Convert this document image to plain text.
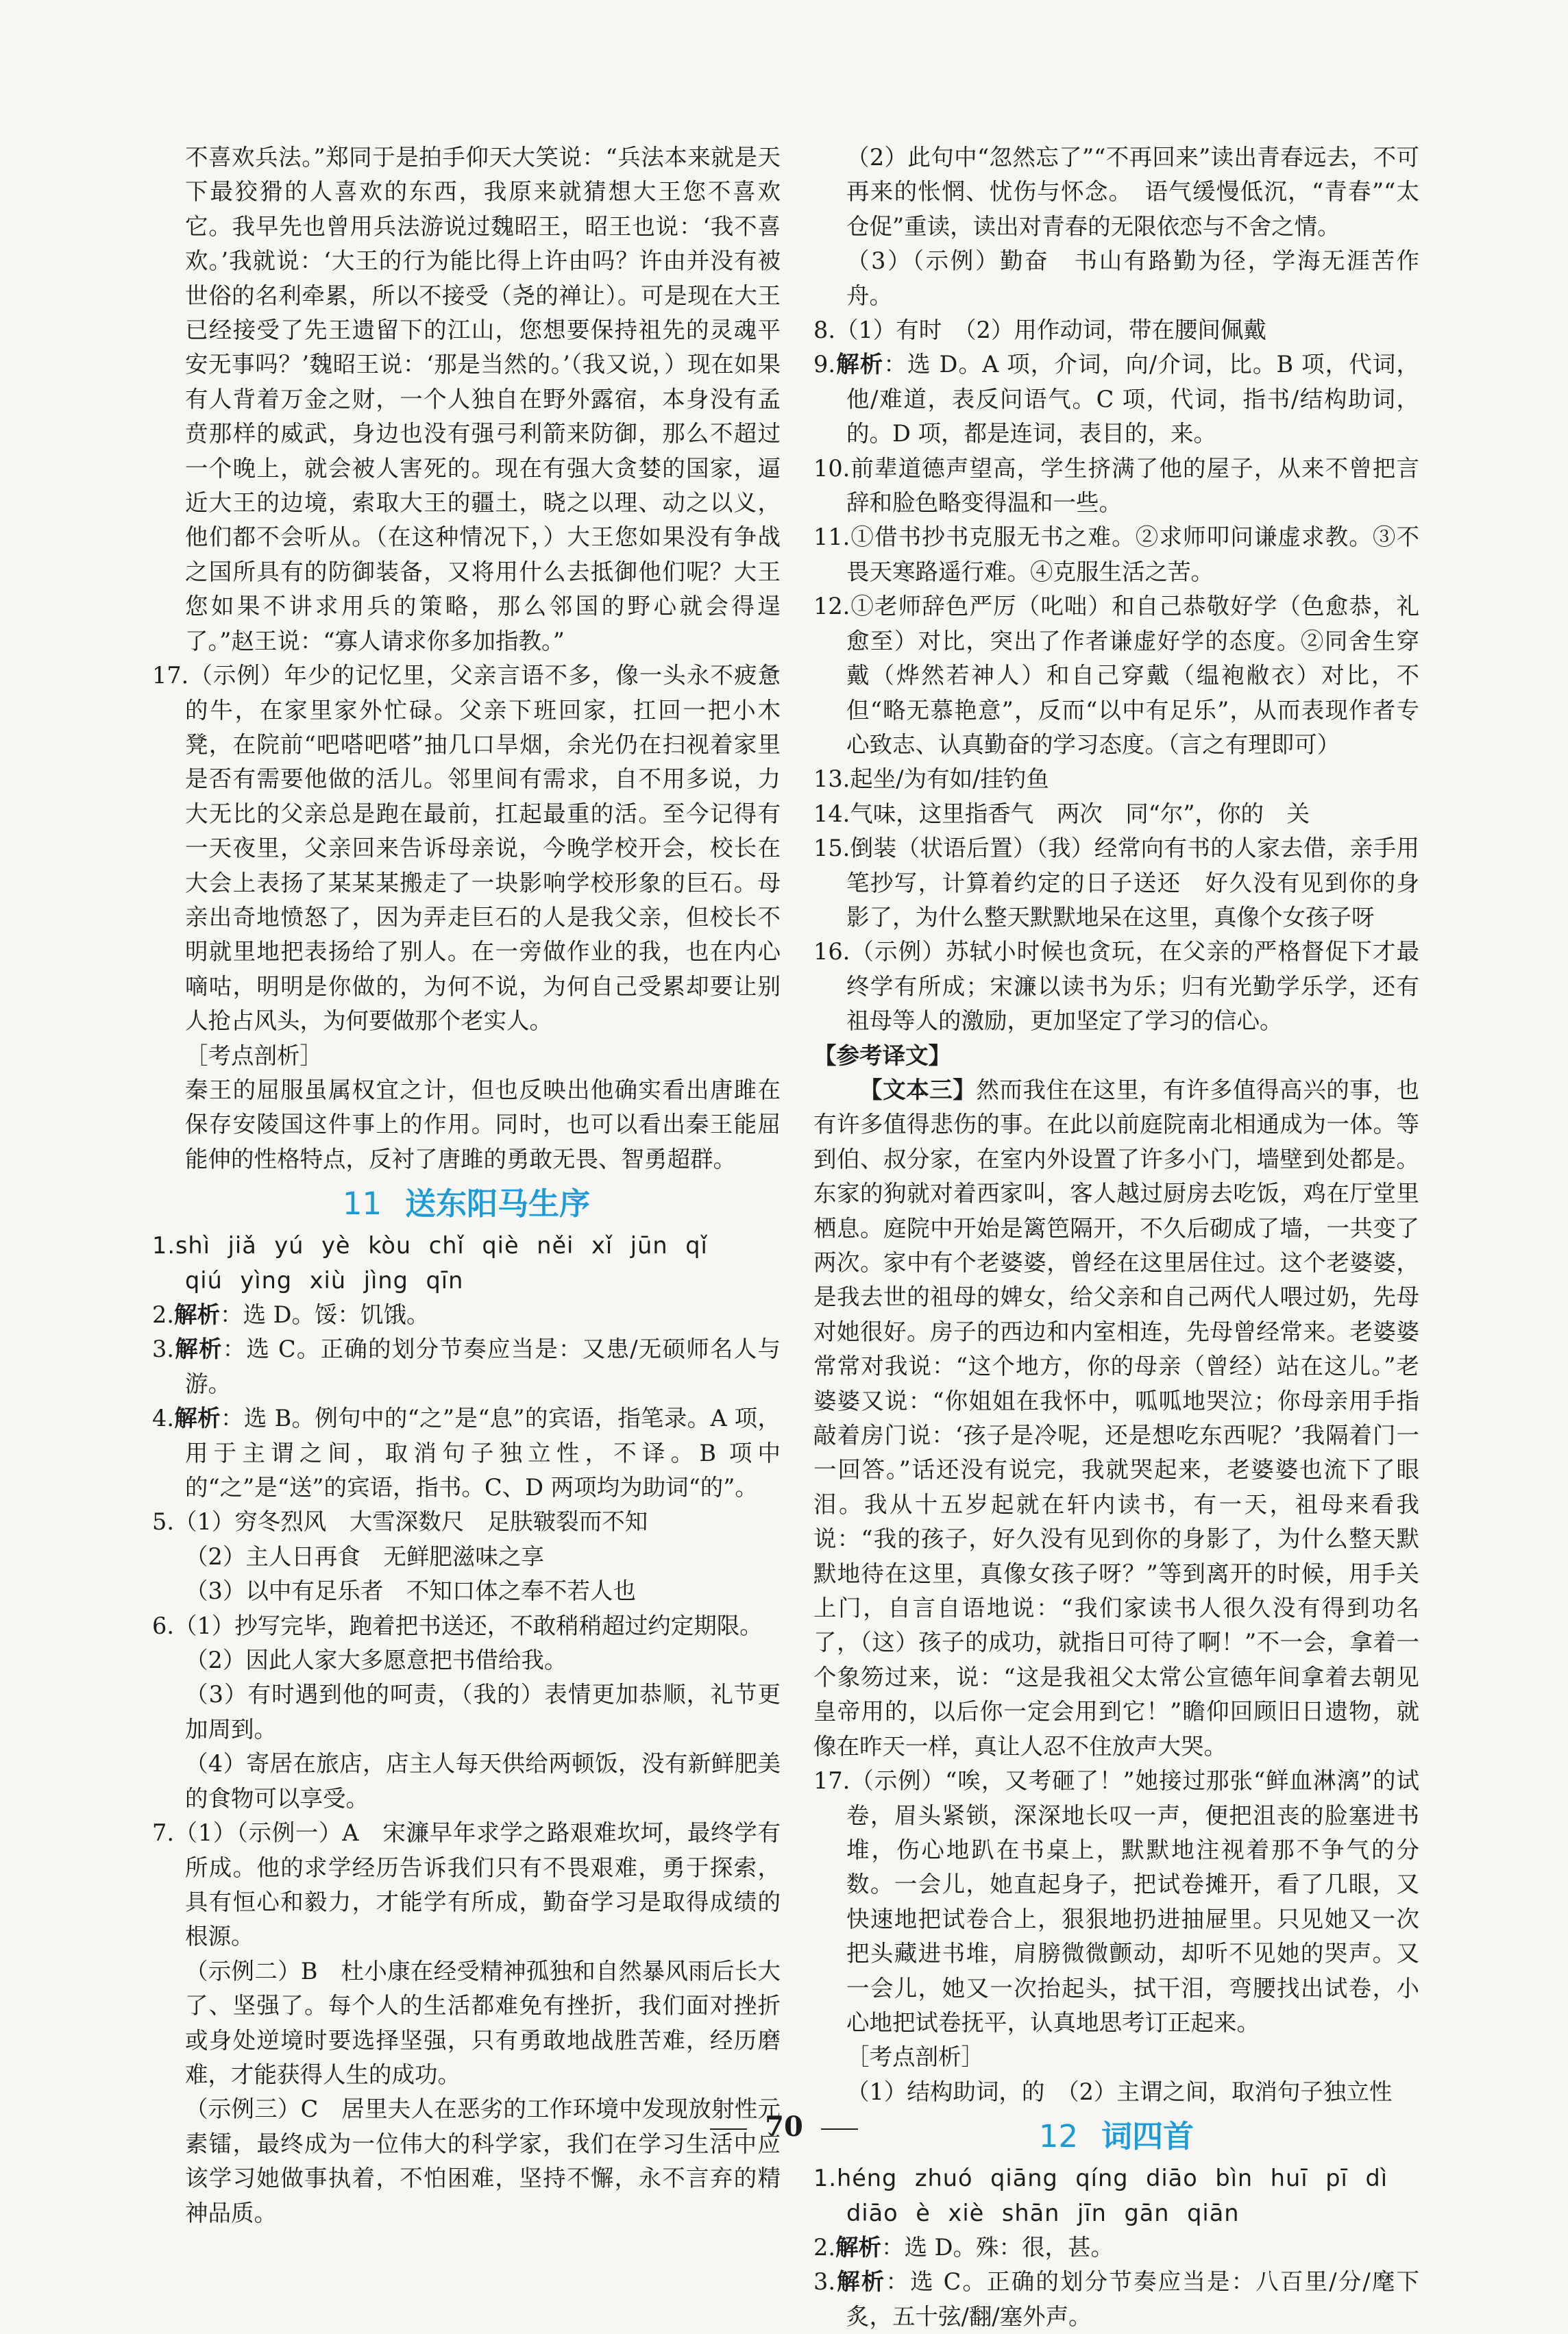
不喜欢兵法。”郑同于是拍手仰天大笑说：“兵法本来就是天下最狡猾的人喜欢的东西，我原来就猜想大王您不喜欢它。我早先也曾用兵法游说过魏昭王，昭王也说：‘我不喜欢。’我就说：‘大王的行为能比得上许由吗？许由并没有被世俗的名利牵累，所以不接受（尧的禅让）。可是现在大王已经接受了先王遗留下的江山，您想要保持祖先的灵魂平安无事吗？’魏昭王说：‘那是当然的。’（我又说，）现在如果有人背着万金之财，一个人独自在野外露宿，本身没有孟贲那样的威武，身边也没有强弓利箭来防御，那么不超过一个晚上，就会被人害死的。现在有强大贪婪的国家，逼近大王的边境，索取大王的疆土，晓之以理、动之以义，他们都不会听从。（在这种情况下，）大王您如果没有争战之国所具有的防御装备，又将用什么去抵御他们呢？大王您如果不讲求用兵的策略，那么邻国的野心就会得逞了。”赵王说：“寡人请求你多加指教。”

17.（示例）年少的记忆里，父亲言语不多，像一头永不疲惫的牛，在家里家外忙碌。父亲下班回家，扛回一把小木凳，在院前“吧嗒吧嗒”抽几口旱烟，余光仍在扫视着家里是否有需要他做的活儿。邻里间有需求，自不用多说，力大无比的父亲总是跑在最前，扛起最重的活。至今记得有一天夜里，父亲回来告诉母亲说，今晚学校开会，校长在大会上表扬了某某某搬走了一块影响学校形象的巨石。母亲出奇地愤怒了，因为弄走巨石的人是我父亲，但校长不明就里地把表扬给了别人。在一旁做作业的我，也在内心嘀咕，明明是你做的，为何不说，为何自己受累却要让别人抢占风头，为何要做那个老实人。

［考点剖析］

秦王的屈服虽属权宜之计，但也反映出他确实看出唐雎在保存安陵国这件事上的作用。同时，也可以看出秦王能屈能伸的性格特点，反衬了唐雎的勇敢无畏、智勇超群。

11 送东阳马生序

1.shì jiǎ yú yè kòu chǐ qiè něi xǐ jūn qǐ

qiú yìng xiù jìng qīn

2.解析：选 D。馁：饥饿。

3.解析：选 C。正确的划分节奏应当是：又患/无硕师名人与游。

4.解析：选 B。例句中的“之”是“息”的宾语，指笔录。A 项，用于主谓之间，取消句子独立性，不译。B 项中的“之”是“送”的宾语，指书。C、D 两项均为助词“的”。

5.（1）穷冬烈风　大雪深数尺　足肤皲裂而不知

（2）主人日再食　无鲜肥滋味之享

（3）以中有足乐者　不知口体之奉不若人也

6.（1）抄写完毕，跑着把书送还，不敢稍稍超过约定期限。

（2）因此人家大多愿意把书借给我。

（3）有时遇到他的呵责，（我的）表情更加恭顺，礼节更加周到。

（4）寄居在旅店，店主人每天供给两顿饭，没有新鲜肥美的食物可以享受。

7.（1）（示例一）A　宋濂早年求学之路艰难坎坷，最终学有所成。他的求学经历告诉我们只有不畏艰难，勇于探索，具有恒心和毅力，才能学有所成，勤奋学习是取得成绩的根源。

（示例二）B　杜小康在经受精神孤独和自然暴风雨后长大了、坚强了。每个人的生活都难免有挫折，我们面对挫折或身处逆境时要选择坚强，只有勇敢地战胜苦难，经历磨难，才能获得人生的成功。

（示例三）C　居里夫人在恶劣的工作环境中发现放射性元素镭，最终成为一位伟大的科学家，我们在学习生活中应该学习她做事执着，不怕困难，坚持不懈，永不言弃的精神品质。

（2）此句中“忽然忘了”“不再回来”读出青春远去，不可再来的怅惘、忧伤与怀念。　语气缓慢低沉，“青春”“太仓促”重读，读出对青春的无限依恋与不舍之情。

（3）（示例）勤奋　书山有路勤为径，学海无涯苦作舟。

8.（1）有时　（2）用作动词，带在腰间佩戴

9.解析：选 D。A 项，介词，向/介词，比。B 项，代词，他/难道，表反问语气。C 项，代词，指书/结构助词，的。D 项，都是连词，表目的，来。

10.前辈道德声望高，学生挤满了他的屋子，从来不曾把言辞和脸色略变得温和一些。

11.①借书抄书克服无书之难。②求师叩问谦虚求教。③不畏天寒路遥行难。④克服生活之苦。

12.①老师辞色严厉（叱咄）和自己恭敬好学（色愈恭，礼愈至）对比，突出了作者谦虚好学的态度。②同舍生穿戴（烨然若神人）和自己穿戴（缊袍敝衣）对比，不但“略无慕艳意”，反而“以中有足乐”，从而表现作者专心致志、认真勤奋的学习态度。（言之有理即可）

13.起坐/为有如/挂钓鱼

14.气味，这里指香气　两次　同“尔”，你的　关

15.倒装（状语后置）（我）经常向有书的人家去借，亲手用笔抄写，计算着约定的日子送还　好久没有见到你的身影了，为什么整天默默地呆在这里，真像个女孩子呀

16.（示例）苏轼小时候也贪玩，在父亲的严格督促下才最终学有所成；宋濂以读书为乐；归有光勤学乐学，还有祖母等人的激励，更加坚定了学习的信心。

【参考译文】

【文本三】然而我住在这里，有许多值得高兴的事，也有许多值得悲伤的事。在此以前庭院南北相通成为一体。等到伯、叔分家，在室内外设置了许多小门，墙壁到处都是。东家的狗就对着西家叫，客人越过厨房去吃饭，鸡在厅堂里栖息。庭院中开始是篱笆隔开，不久后砌成了墙，一共变了两次。家中有个老婆婆，曾经在这里居住过。这个老婆婆，是我去世的祖母的婢女，给父亲和自己两代人喂过奶，先母对她很好。房子的西边和内室相连，先母曾经常来。老婆婆常常对我说：“这个地方，你的母亲（曾经）站在这儿。”老婆婆又说：“你姐姐在我怀中，呱呱地哭泣；你母亲用手指敲着房门说：‘孩子是冷呢，还是想吃东西呢？’我隔着门一一回答。”话还没有说完，我就哭起来，老婆婆也流下了眼泪。我从十五岁起就在轩内读书，有一天，祖母来看我说：“我的孩子，好久没有见到你的身影了，为什么整天默默地待在这里，真像女孩子呀？”等到离开的时候，用手关上门，自言自语地说：“我们家读书人很久没有得到功名了，（这）孩子的成功，就指日可待了啊！”不一会，拿着一个象笏过来，说：“这是我祖父太常公宣德年间拿着去朝见皇帝用的，以后你一定会用到它！”瞻仰回顾旧日遗物，就像在昨天一样，真让人忍不住放声大哭。

17.（示例）“唉，又考砸了！”她接过那张“鲜血淋漓”的试卷，眉头紧锁，深深地长叹一声，便把沮丧的脸塞进书堆，伤心地趴在书桌上，默默地注视着那不争气的分数。一会儿，她直起身子，把试卷摊开，看了几眼，又快速地把试卷合上，狠狠地扔进抽屉里。只见她又一次把头藏进书堆，肩膀微微颤动，却听不见她的哭声。又一会儿，她又一次抬起头，拭干泪，弯腰找出试卷，小心地把试卷抚平，认真地思考订正起来。

［考点剖析］

（1）结构助词，的　（2）主谓之间，取消句子独立性

12 词四首

1.héng zhuó qiāng qíng diāo bìn huī pī dì

diāo è xiè shān jīn gān qiān

2.解析：选 D。殊：很，甚。

3.解析：选 C。正确的划分节奏应当是：八百里/分/麾下炙，五十弦/翻/塞外声。

70
